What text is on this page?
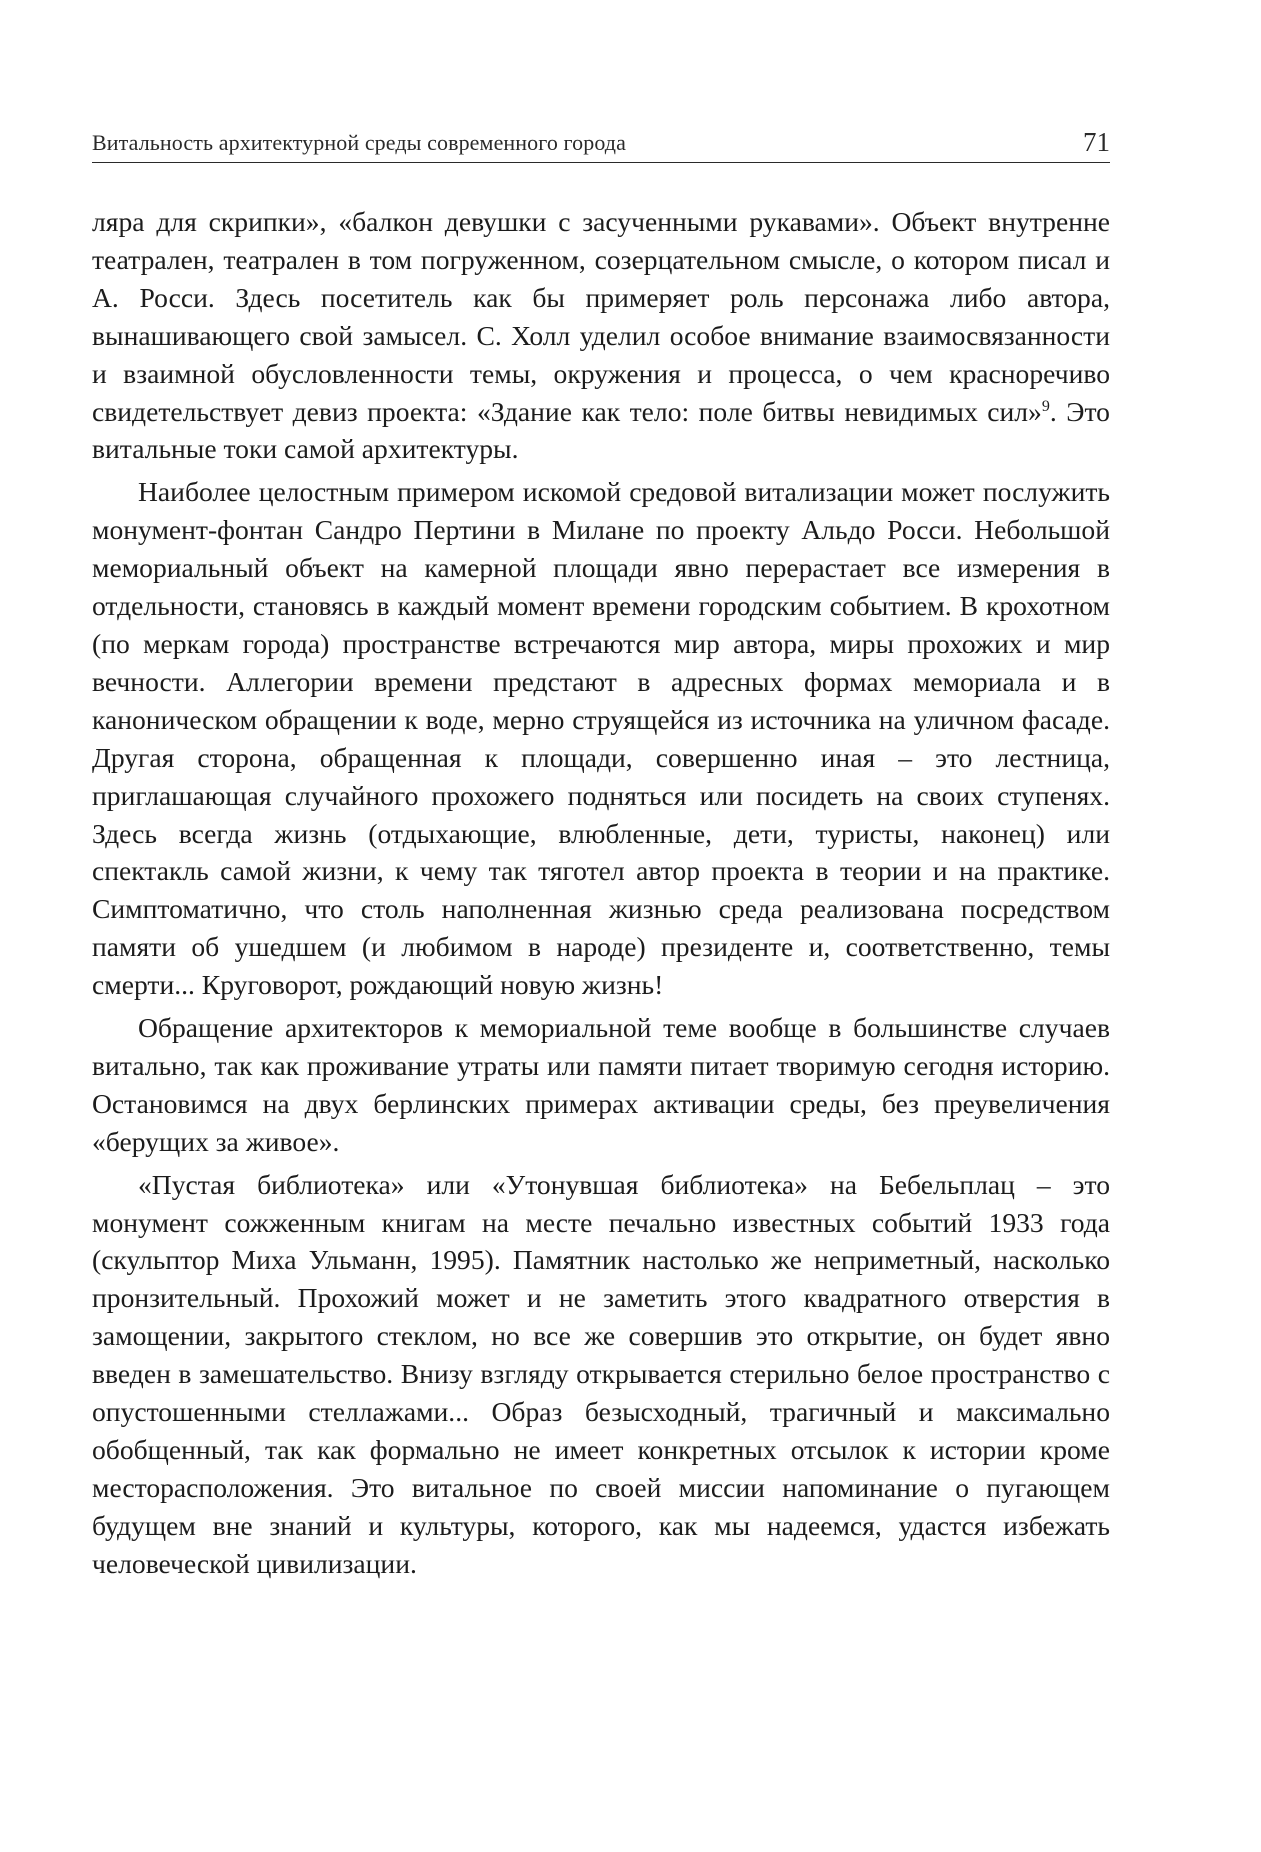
Витальность архитектурной среды современного города	71

ляра для скрипки», «балкон девушки с засученными рукавами». Объект внутренне театрален, театрален в том погруженном, созерцательном смысле, о котором писал и А. Росси. Здесь посетитель как бы примеряет роль персонажа либо автора, вынашивающего свой замысел. С. Холл уделил особое внимание взаимосвязанности и взаимной обусловленности темы, окружения и процесса, о чем красноречиво свидетельствует девиз проекта: «Здание как тело: поле битвы невидимых сил»$^9$. Это витальные токи самой архитектуры.

Наиболее целостным примером искомой средовой витализации может послужить монумент-фонтан Сандро Пертини в Милане по проекту Альдо Росси. Небольшой мемориальный объект на камерной площади явно перерастает все измерения в отдельности, становясь в каждый момент времени городским событием. В крохотном (по меркам города) пространстве встречаются мир автора, миры прохожих и мир вечности. Аллегории времени предстают в адресных формах мемориала и в каноническом обращении к воде, мерно струящейся из источника на уличном фасаде. Другая сторона, обращенная к площади, совершенно иная – это лестница, приглашающая случайного прохожего подняться или посидеть на своих ступенях. Здесь всегда жизнь (отдыхающие, влюбленные, дети, туристы, наконец) или спектакль самой жизни, к чему так тяготел автор проекта в теории и на практике. Симптоматично, что столь наполненная жизнью среда реализована посредством памяти об ушедшем (и любимом в народе) президенте и, соответственно, темы смерти... Круговорот, рождающий новую жизнь!

Обращение архитекторов к мемориальной теме вообще в большинстве случаев витально, так как проживание утраты или памяти питает творимую сегодня историю. Остановимся на двух берлинских примерах активации среды, без преувеличения «берущих за живое».

«Пустая библиотека» или «Утонувшая библиотека» на Бебельплац – это монумент сожженным книгам на месте печально известных событий 1933 года (скульптор Миха Ульманн, 1995). Памятник настолько же неприметный, насколько пронзительный. Прохожий может и не заметить этого квадратного отверстия в замощении, закрытого стеклом, но все же совершив это открытие, он будет явно введен в замешательство. Внизу взгляду открывается стерильно белое пространство с опустошенными стеллажами... Образ безысходный, трагичный и максимально обобщенный, так как формально не имеет конкретных отсылок к истории кроме месторасположения. Это витальное по своей миссии напоминание о пугающем будущем вне знаний и культуры, которого, как мы надеемся, удастся избежать человеческой цивилизации.
